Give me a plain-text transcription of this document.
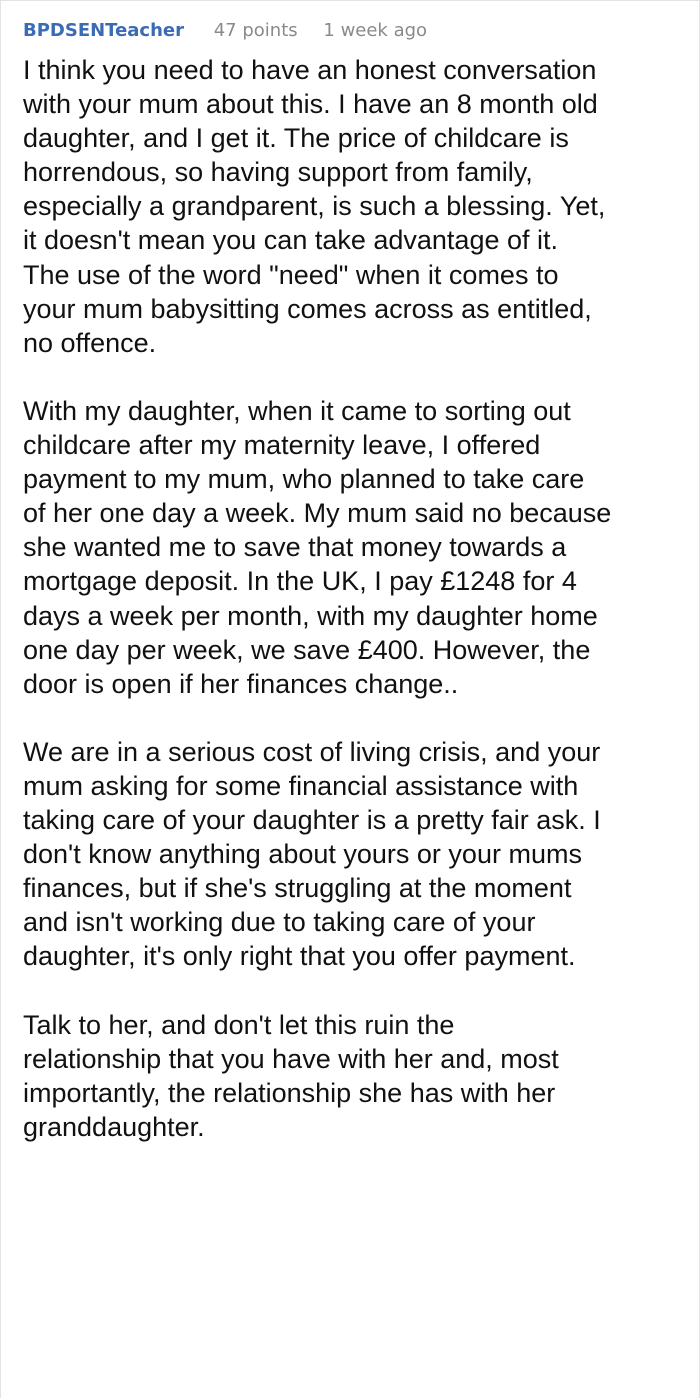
BPDSENTeacher 47 points 1 week ago

I think you need to have an honest conversation
with your mum about this. I have an 8 month old
daughter, and I get it. The price of childcare is
horrendous, so having support from family,
especially a grandparent, is such a blessing. Yet,
it doesn't mean you can take advantage of it.
The use of the word "need" when it comes to
your mum babysitting comes across as entitled,
no offence.

With my daughter, when it came to sorting out
childcare after my maternity leave, I offered
payment to my mum, who planned to take care
of her one day a week. My mum said no because
she wanted me to save that money towards a
mortgage deposit. In the UK, I pay £1248 for 4
days a week per month, with my daughter home
one day per week, we save £400. However, the
door is open if her finances change..

We are in a serious cost of living crisis, and your
mum asking for some financial assistance with
taking care of your daughter is a pretty fair ask. I
don't know anything about yours or your mums
finances, but if she's struggling at the moment
and isn't working due to taking care of your
daughter, it's only right that you offer payment.

Talk to her, and don't let this ruin the
relationship that you have with her and, most
importantly, the relationship she has with her
granddaughter.
